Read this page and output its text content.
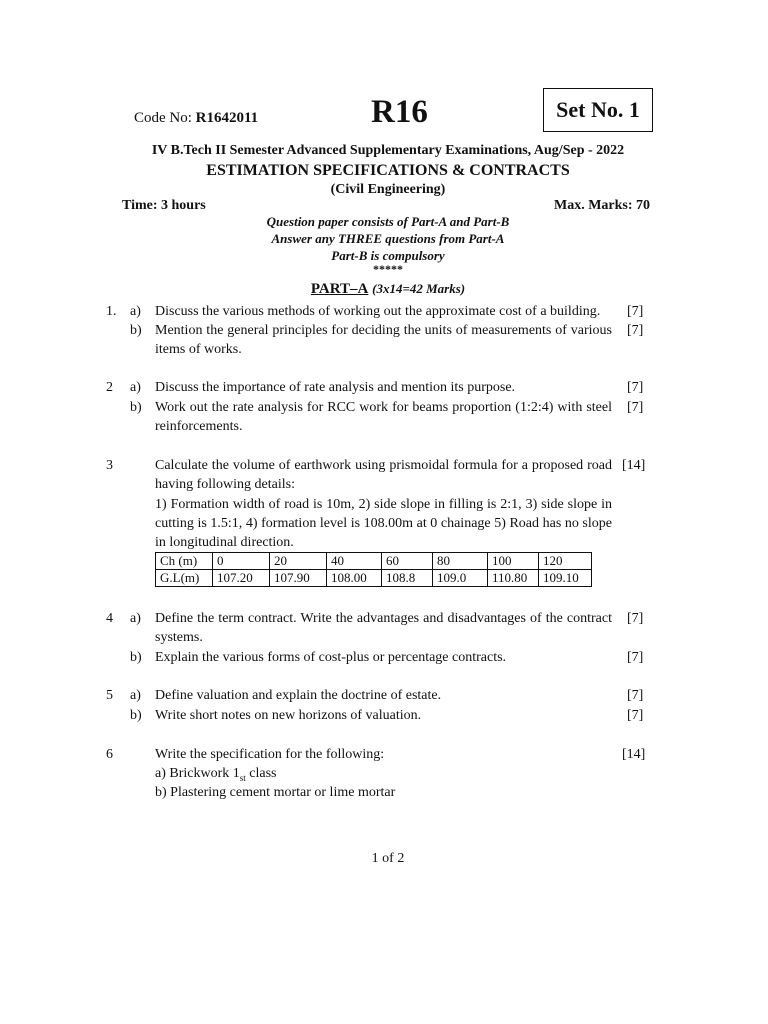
Code No: R1642011	R16	Set No. 1
IV B.Tech II Semester Advanced Supplementary Examinations, Aug/Sep - 2022
ESTIMATION SPECIFICATIONS & CONTRACTS
(Civil Engineering)
Time: 3 hours	Max. Marks: 70
Question paper consists of Part-A and Part-B
Answer any THREE questions from Part-A
Part-B is compulsory
*****
PART–A (3x14=42 Marks)
1. a)	Discuss the various methods of working out the approximate cost of a building.	[7]
b) Mention the general principles for deciding the units of measurements of various items of works.
[7]
2	a)	Discuss the importance of rate analysis and mention its purpose.	[7]
b) Work out the rate analysis for RCC work for beams proportion (1:2:4) with steel reinforcements.
[7]
3	Calculate the volume of earthwork using prismoidal formula for a proposed road having following details:
[14]
1) Formation width of road is 10m, 2) side slope in filling is 2:1, 3) side slope in cutting is 1.5:1, 4) formation level is 108.00m at 0 chainage 5) Road has no slope in longitudinal direction.
Ch (m)	0	20	40	60	80	100	120
G.L(m)	107.20	107.90	108.00	108.8	109.0	110.80	109.10
4	a)	Define the term contract. Write the advantages and disadvantages of the contract systems.
[7]
b) Explain the various forms of cost-plus or percentage contracts.	[7]
5	a)	Define valuation and explain the doctrine of estate.	[7]
b) Write short notes on new horizons of valuation.	[7]
6	Write the specification for the following:	[14]
a) Brickwork $1_{st}$ class
b) Plastering cement mortar or lime mortar
1 of 2
